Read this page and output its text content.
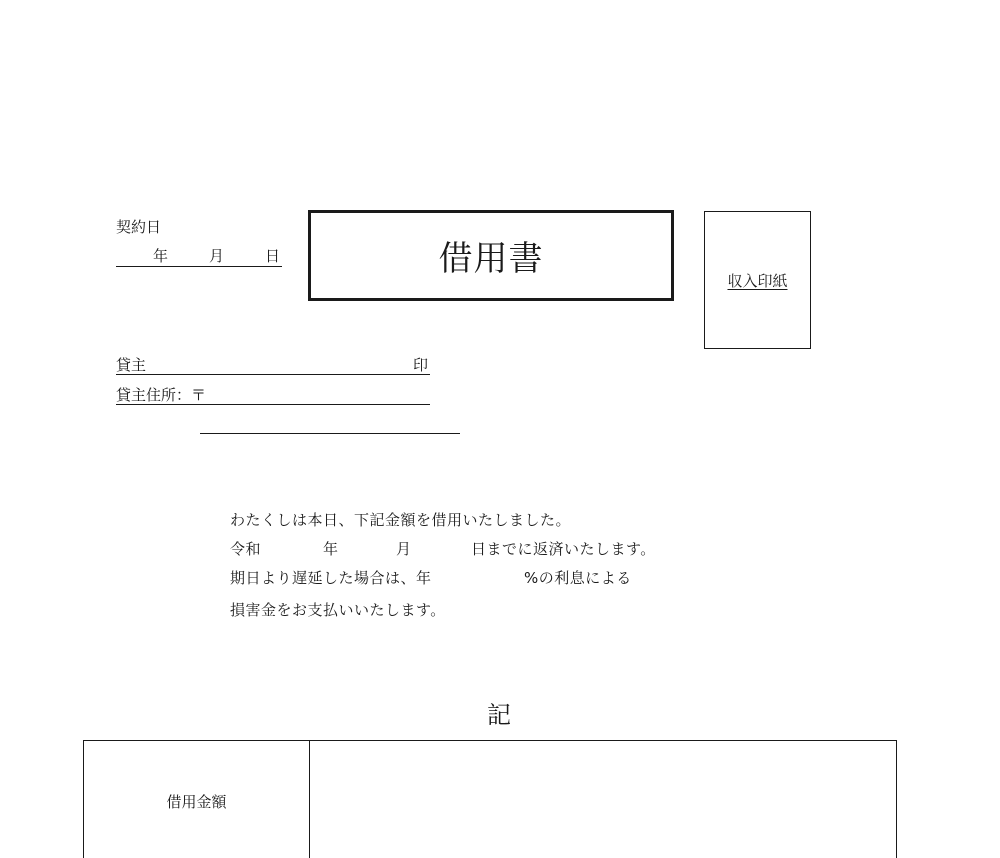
契約日
年	月	日	借用書
収入印紙
貸主	印
貸主住所：〒
わたくしは本日、下記金額を借用いたしました。
令和	年	月	日までに返済いたします。
期日より遅延した場合は、年	%の利息による
損害金をお支払いいたします。
記
借用金額
